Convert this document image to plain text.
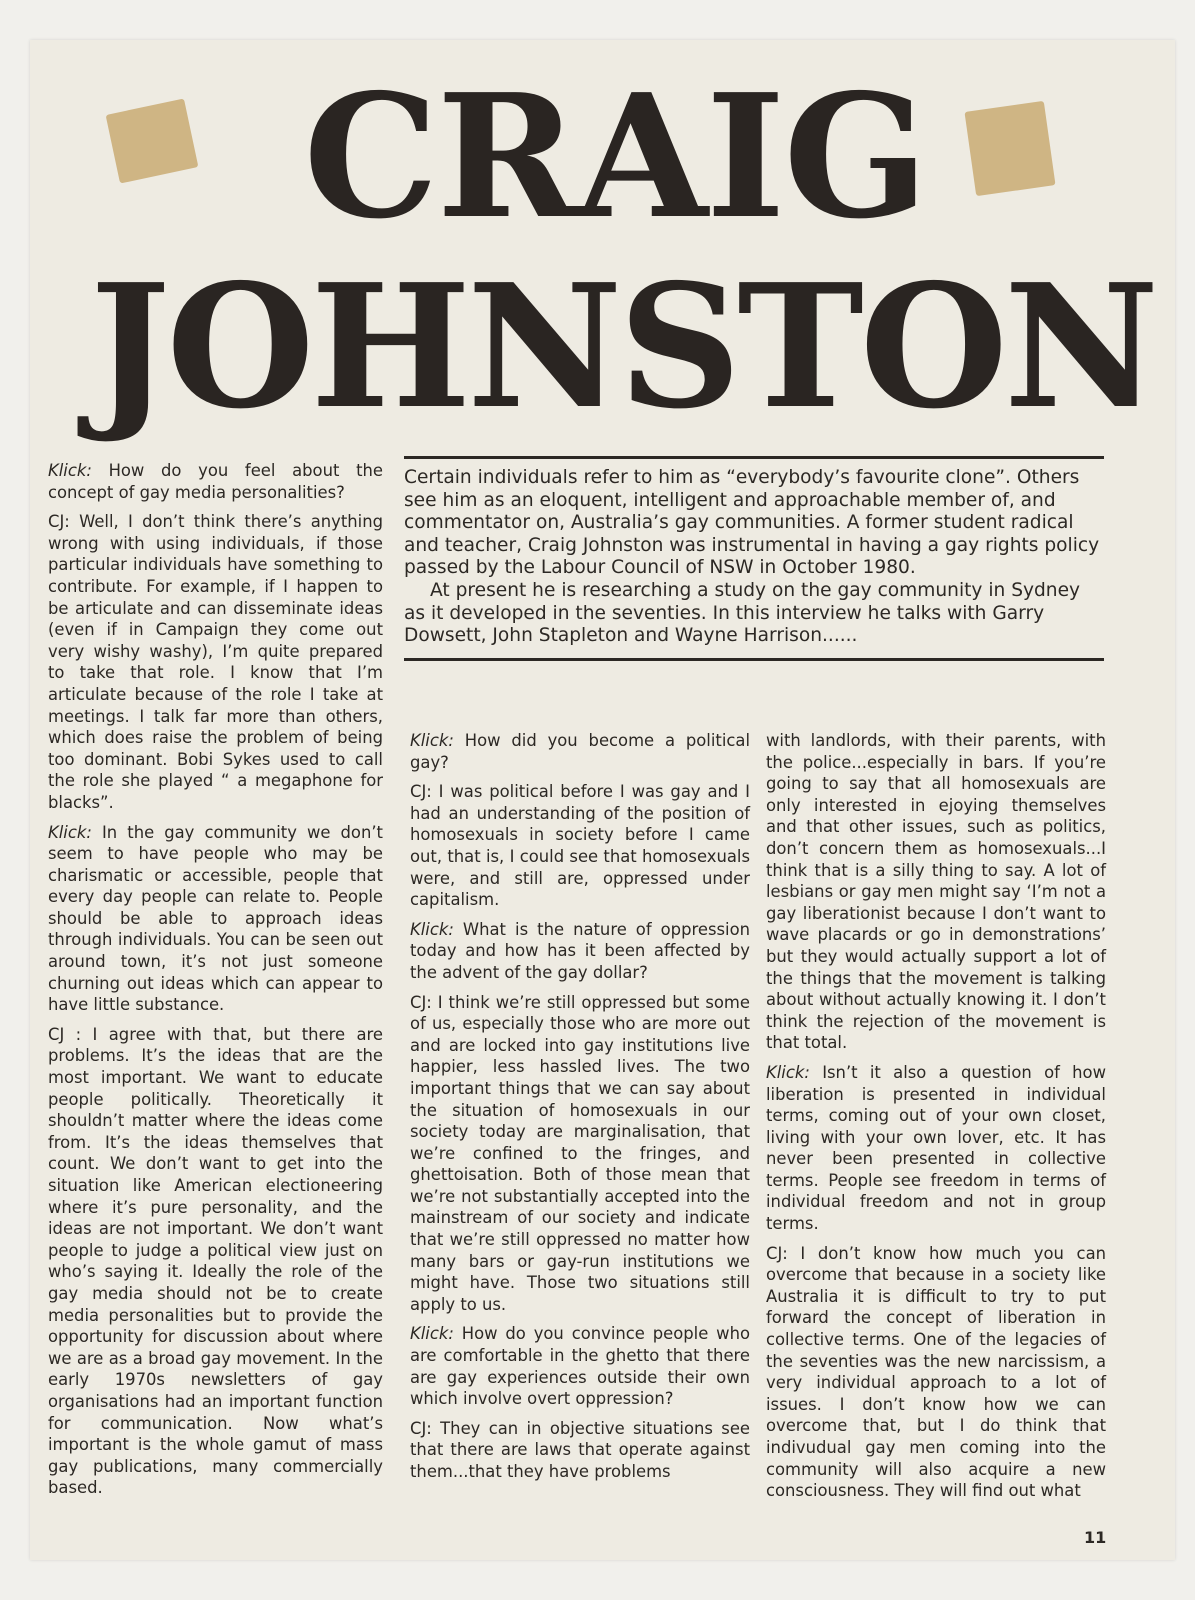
CRAIG
JOHNSTON

Klick: How do you feel about the concept of gay media personalities?

CJ: Well, I don’t think there’s anything wrong with using individuals, if those particular individuals have something to contribute. For example, if I happen to be articulate and can disseminate ideas (even if in Campaign they come out very wishy washy), I’m quite prepared to take that role. I know that I’m articulate because of the role I take at meetings. I talk far more than others, which does raise the problem of being too dominant. Bobi Sykes used to call the role she played “ a megaphone for blacks”.

Klick: In the gay community we don’t seem to have people who may be charismatic or accessible, people that every day people can relate to. People should be able to approach ideas through individuals. You can be seen out around town, it’s not just someone churning out ideas which can appear to have little substance.

CJ : I agree with that, but there are problems. It’s the ideas that are the most important. We want to educate people politically. Theoretically it shouldn’t matter where the ideas come from. It’s the ideas themselves that count. We don’t want to get into the situation like American electioneering where it’s pure personality, and the ideas are not important. We don’t want people to judge a political view just on who’s saying it. Ideally the role of the gay media should not be to create media personalities but to provide the opportunity for discussion about where we are as a broad gay movement. In the early 1970s newsletters of gay organisations had an important function for communication. Now what’s important is the whole gamut of mass gay publications, many commercially based.

Certain individuals refer to him as “everybody’s favourite clone”. Others see him as an eloquent, intelligent and approachable member of, and commentator on, Australia’s gay communities. A former student radical and teacher, Craig Johnston was instrumental in having a gay rights policy passed by the Labour Council of NSW in October 1980.

At present he is researching a study on the gay community in Sydney as it developed in the seventies. In this interview he talks with Garry Dowsett, John Stapleton and Wayne Harrison......

Klick: How did you become a political gay?

CJ: I was political before I was gay and I had an understanding of the position of homosexuals in society before I came out, that is, I could see that homosexuals were, and still are, oppressed under capitalism.

Klick: What is the nature of oppression today and how has it been affected by the advent of the gay dollar?

CJ: I think we’re still oppressed but some of us, especially those who are more out and are locked into gay institutions live happier, less hassled lives. The two important things that we can say about the situation of homosexuals in our society today are marginalisation, that we’re confined to the fringes, and ghettoisation. Both of those mean that we’re not substantially accepted into the mainstream of our society and indicate that we’re still oppressed no matter how many bars or gay-run institutions we might have. Those two situations still apply to us.

Klick: How do you convince people who are comfortable in the ghetto that there are gay experiences outside their own which involve overt oppression?

CJ: They can in objective situations see that there are laws that operate against them...that they have problems

with landlords, with their parents, with the police...especially in bars. If you’re going to say that all homosexuals are only interested in ejoying themselves and that other issues, such as politics, don’t concern them as homosexuals...I think that is a silly thing to say. A lot of lesbians or gay men might say ‘I’m not a gay liberationist because I don’t want to wave placards or go in demonstrations’ but they would actually support a lot of the things that the movement is talking about without actually knowing it. I don’t think the rejection of the movement is that total.

Klick: Isn’t it also a question of how liberation is presented in individual terms, coming out of your own closet, living with your own lover, etc. It has never been presented in collective terms. People see freedom in terms of individual freedom and not in group terms.

CJ: I don’t know how much you can overcome that because in a society like Australia it is difficult to try to put forward the concept of liberation in collective terms. One of the legacies of the seventies was the new narcissism, a very individual approach to a lot of issues. I don’t know how we can overcome that, but I do think that indivudual gay men coming into the community will also acquire a new consciousness. They will find out what

11
